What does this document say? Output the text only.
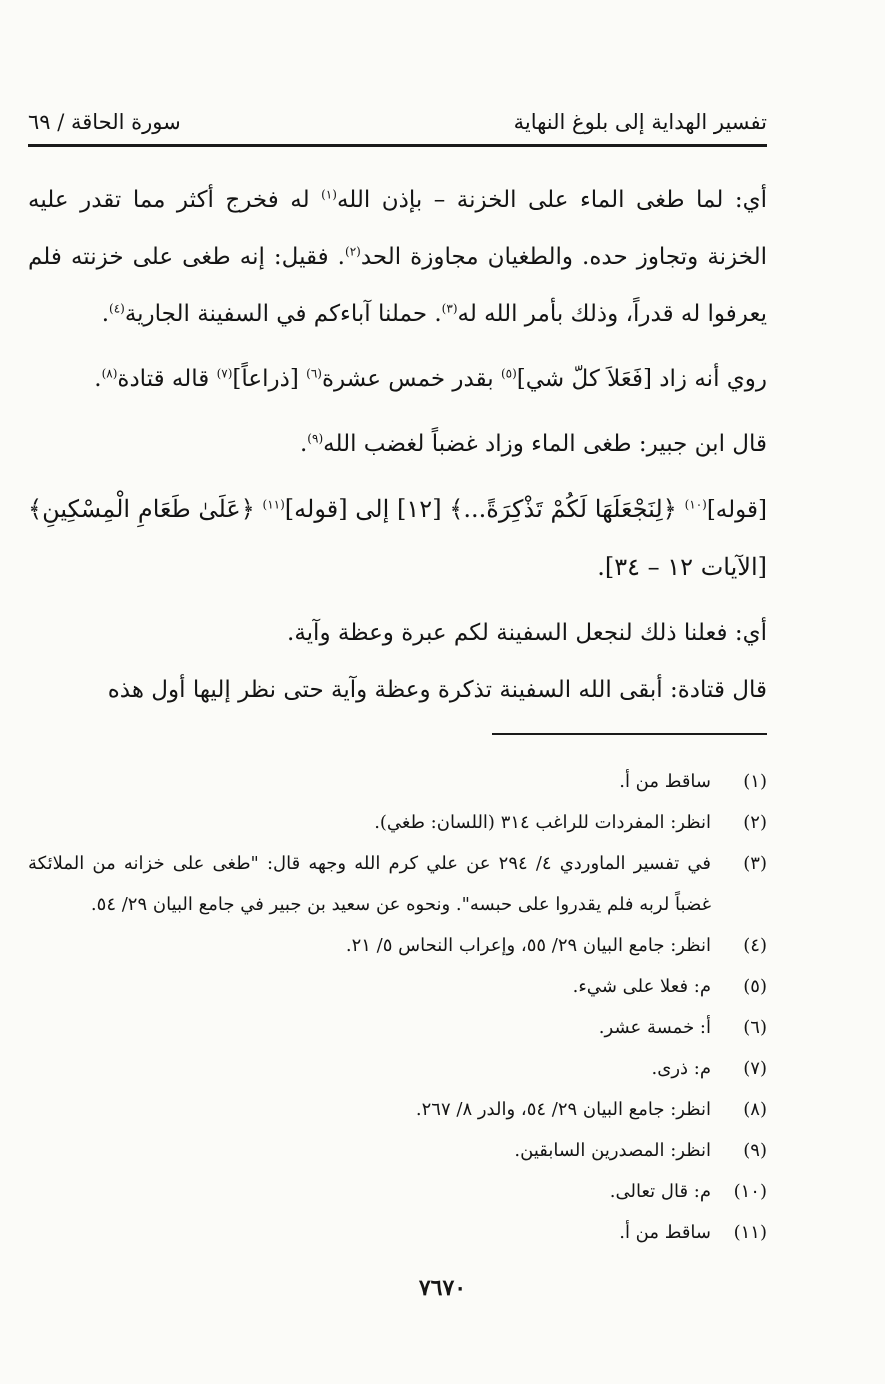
تفسير الهداية إلى بلوغ النهاية
سورة الحاقة / ٦٩

أي: لما طغى الماء على الخزنة – بإذن الله$^{(١)}$ له فخرج أكثر مما تقدر عليه الخزنة وتجاوز حده. والطغيان مجاوزة الحد$^{(٢)}$. فقيل: إنه طغى على خزنته فلم يعرفوا له قدراً، وذلك بأمر الله له$^{(٣)}$. حملنا آباءكم في السفينة الجارية$^{(٤)}$.

روي أنه زاد [فَعَلاَ كلّ شي]$^{(٥)}$ بقدر خمس عشرة$^{(٦)}$ [ذراعاً]$^{(٧)}$ قاله قتادة$^{(٨)}$.

قال ابن جبير: طغى الماء وزاد غضباً لغضب الله$^{(٩)}$.

[قوله]$^{(١٠)}$ ﴿لِنَجْعَلَهَا لَكُمْ تَذْكِرَةً...﴾ [١٢] إلى [قوله]$^{(١١)}$ ﴿عَلَىٰ طَعَامِ الْمِسْكِينِ﴾ [الآيات ١٢ – ٣٤].

أي: فعلنا ذلك لنجعل السفينة لكم عبرة وعظة وآية.

قال قتادة: أبقى الله السفينة تذكرة وعظة وآية حتى نظر إليها أول هذه

(١)
ساقط من أ.
(٢)
انظر: المفردات للراغب ٣١٤ (اللسان: طغي).
(٣)
في تفسير الماوردي ٤/ ٢٩٤ عن علي كرم الله وجهه قال: "طغى على خزانه من الملائكة غضباً لربه فلم يقدروا على حبسه". ونحوه عن سعيد بن جبير في جامع البيان ٢٩/ ٥٤.
(٤)
انظر: جامع البيان ٢٩/ ٥٥، وإعراب النحاس ٥/ ٢١.
(٥)
م: فعلا على شيء.
(٦)
أ: خمسة عشر.
(٧)
م: ذرى.
(٨)
انظر: جامع البيان ٢٩/ ٥٤، والدر ٨/ ٢٦٧.
(٩)
انظر: المصدرين السابقين.
(١٠)
م: قال تعالى.
(١١)
ساقط من أ.
٧٦٧٠
